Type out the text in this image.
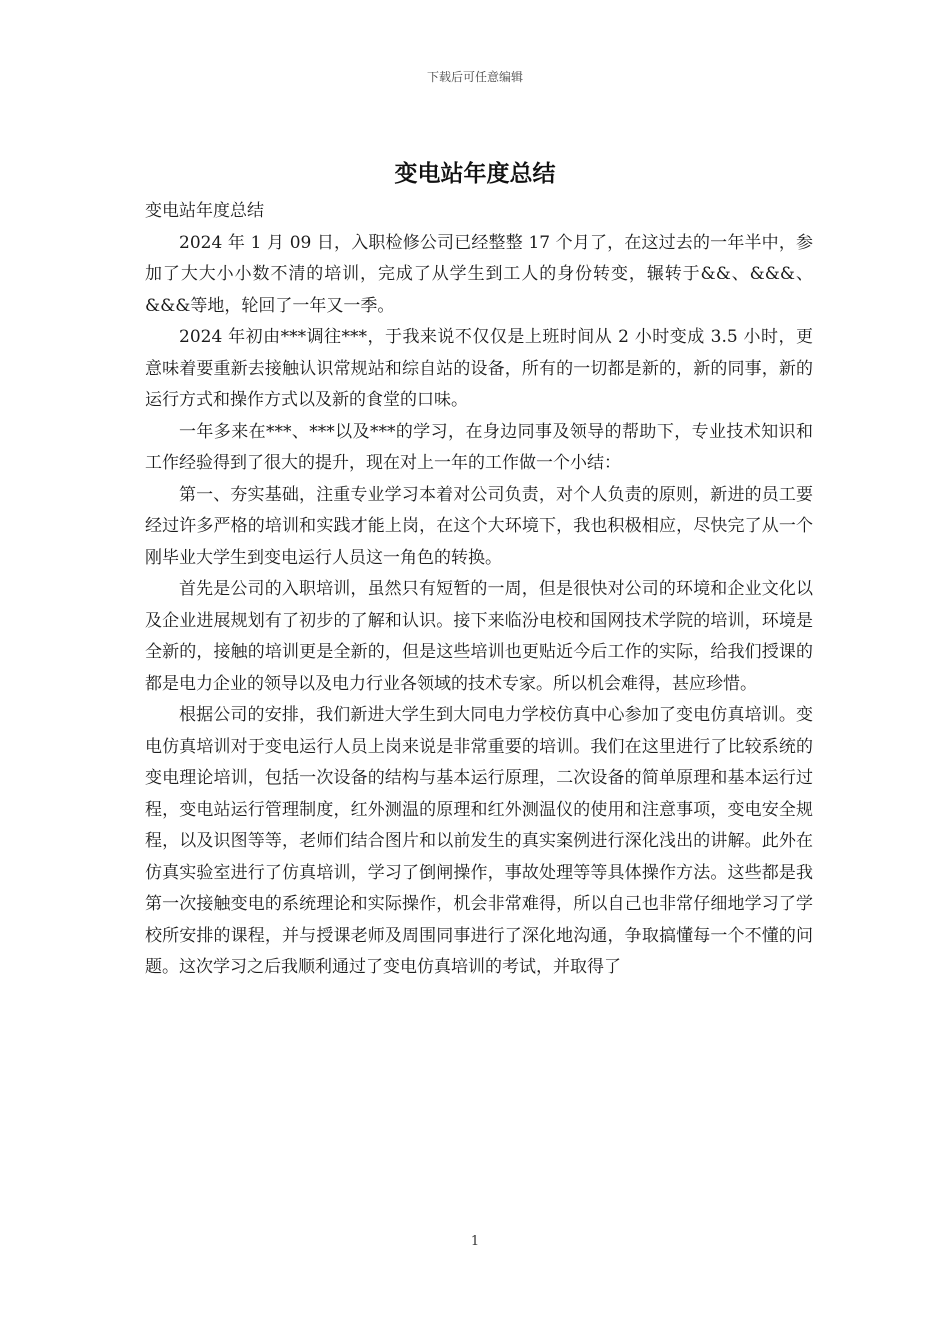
下载后可任意编辑
变电站年度总结

变电站年度总结

2024 年 1 月 09 日，入职检修公司已经整整 17 个月了，在这过去的一年半中，参加了大大小小数不清的培训，完成了从学生到工人的身份转变，辗转于&&、&&&、&&&等地，轮回了一年又一季。

2024 年初由***调往***，于我来说不仅仅是上班时间从 2 小时变成 3.5 小时，更意味着要重新去接触认识常规站和综自站的设备，所有的一切都是新的，新的同事，新的运行方式和操作方式以及新的食堂的口味。

一年多来在***、***以及***的学习，在身边同事及领导的帮助下，专业技术知识和工作经验得到了很大的提升，现在对上一年的工作做一个小结：

第一、夯实基础，注重专业学习本着对公司负责，对个人负责的原则，新进的员工要经过许多严格的培训和实践才能上岗，在这个大环境下，我也积极相应，尽快完了从一个刚毕业大学生到变电运行人员这一角色的转换。

首先是公司的入职培训，虽然只有短暂的一周，但是很快对公司的环境和企业文化以及企业进展规划有了初步的了解和认识。接下来临汾电校和国网技术学院的培训，环境是全新的，接触的培训更是全新的，但是这些培训也更贴近今后工作的实际，给我们授课的都是电力企业的领导以及电力行业各领域的技术专家。所以机会难得，甚应珍惜。

根据公司的安排，我们新进大学生到大同电力学校仿真中心参加了变电仿真培训。变电仿真培训对于变电运行人员上岗来说是非常重要的培训。我们在这里进行了比较系统的变电理论培训，包括一次设备的结构与基本运行原理，二次设备的简单原理和基本运行过程，变电站运行管理制度，红外测温的原理和红外测温仪的使用和注意事项，变电安全规程，以及识图等等，老师们结合图片和以前发生的真实案例进行深化浅出的讲解。此外在仿真实验室进行了仿真培训，学习了倒闸操作，事故处理等等具体操作方法。这些都是我第一次接触变电的系统理论和实际操作，机会非常难得，所以自己也非常仔细地学习了学校所安排的课程，并与授课老师及周围同事进行了深化地沟通，争取搞懂每一个不懂的问题。这次学习之后我顺利通过了变电仿真培训的考试，并取得了

1
